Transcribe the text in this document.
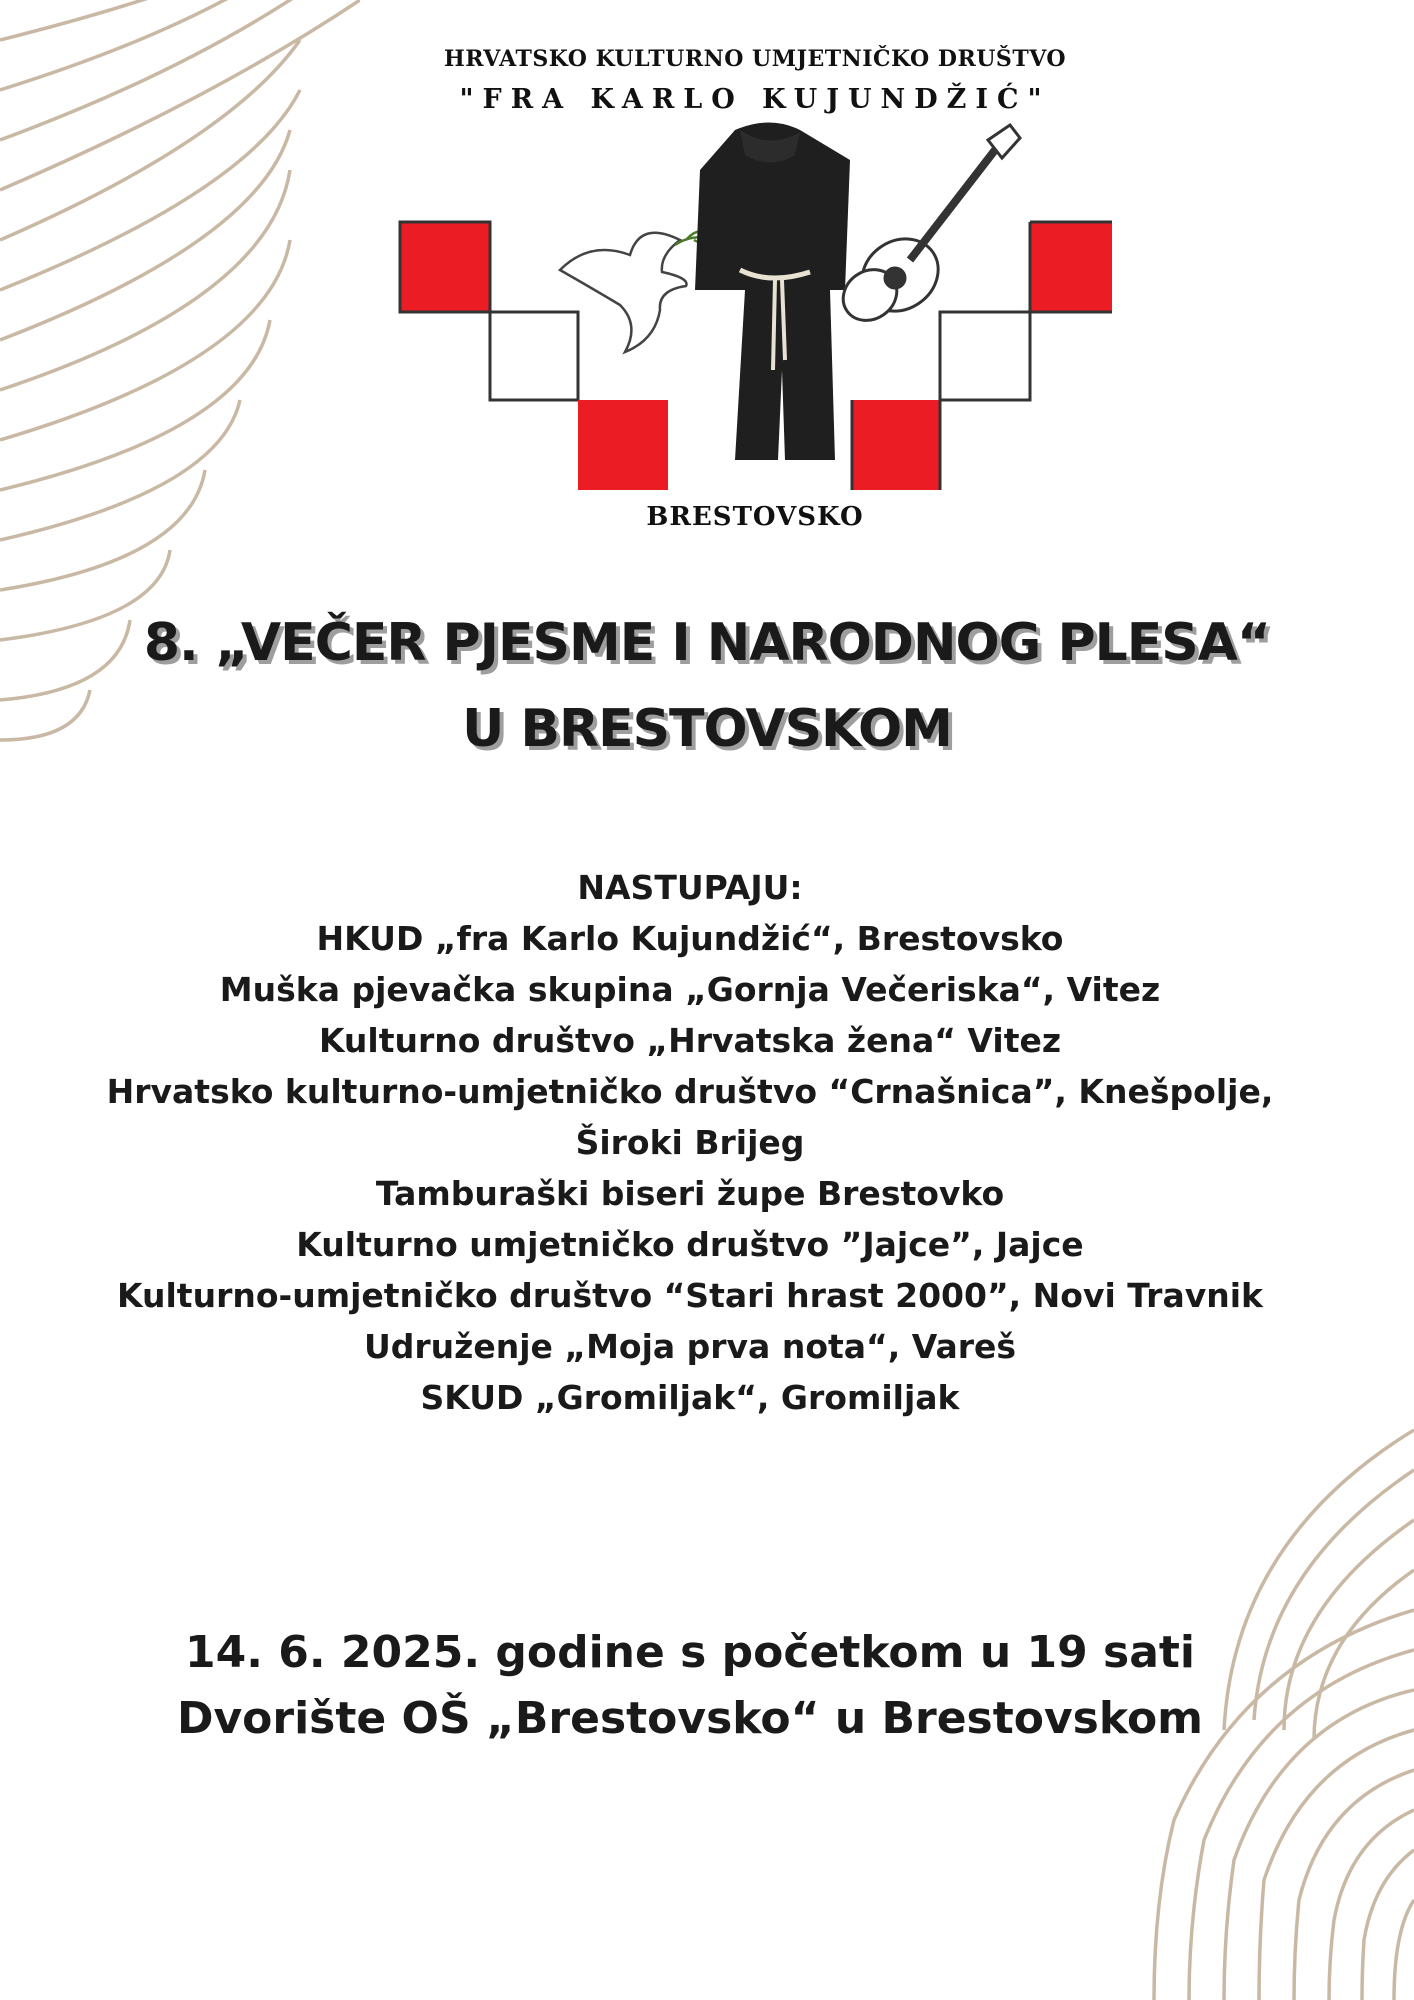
HRVATSKO KULTURNO UMJETNIČKO DRUŠTVO
"FRA KARLO KUJUNDŽIĆ"
BRESTOVSKO
8. „VEČER PJESME I NARODNOG PLESA“
U BRESTOVSKOM
NASTUPAJU:
HKUD „fra Karlo Kujundžić“, Brestovsko
Muška pjevačka skupina „Gornja Večeriska“, Vitez
Kulturno društvo „Hrvatska žena“ Vitez
Hrvatsko kulturno-umjetničko društvo “Crnašnica”, Knešpolje,
Široki Brijeg
Tamburaški biseri župe Brestovko
Kulturno umjetničko društvo ”Jajce”, Jajce
Kulturno-umjetničko društvo “Stari hrast 2000”, Novi Travnik
Udruženje „Moja prva nota“, Vareš
SKUD „Gromiljak“, Gromiljak
14. 6. 2025. godine s početkom u 19 sati
Dvorište OŠ „Brestovsko“ u Brestovskom
